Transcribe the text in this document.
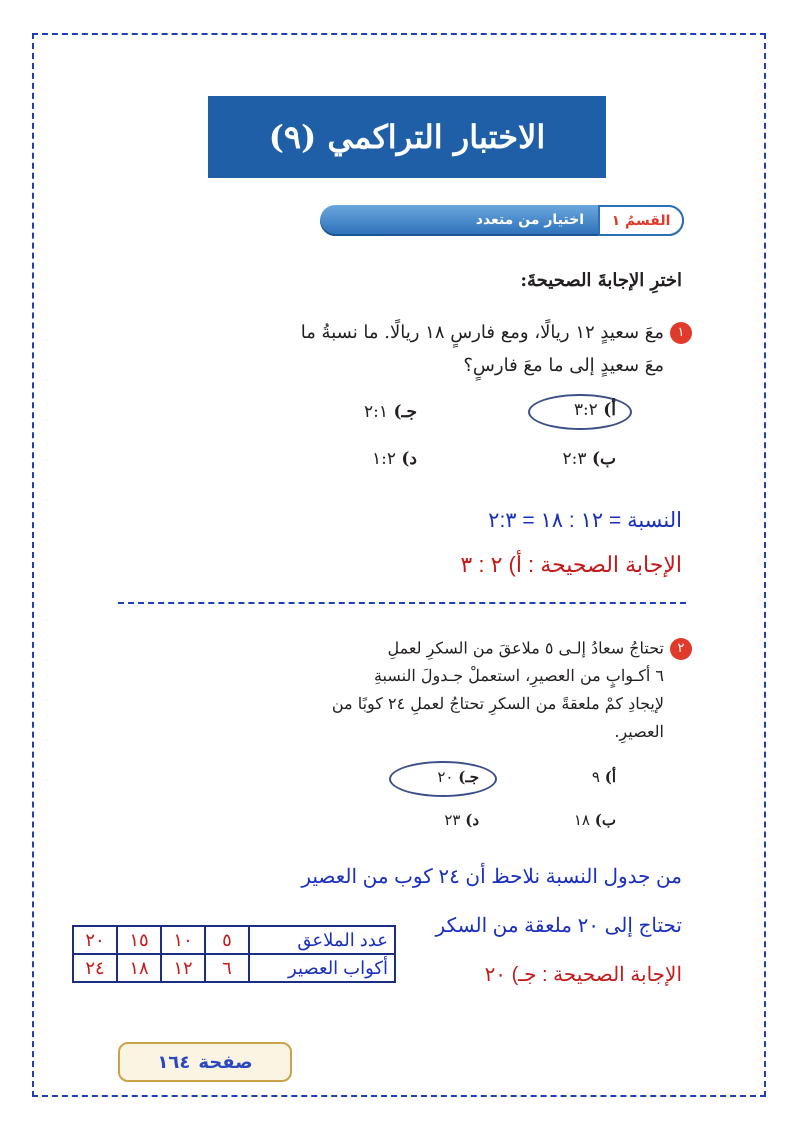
الاختبار التراكمي (٩)
القسمُ ١
اختيار من متعدد
اخترِ الإجابةَ الصحيحةَ:
١معَ سعيدٍ ١٢ ريالًا، ومع فارسٍ ١٨ ريالًا. ما نسبةُ ما
معَ سعيدٍ إلى ما معَ فارسٍ؟
أ) ٣:٢
جـ) ٢:١
ب) ٢:٣
د) ١:٢
النسبة = ١٢ : ١٨ = ٢:٣
الإجابة الصحيحة : أ) ٢ : ٣
٢تحتاجُ سعادُ إلـى ٥ ملاعقَ من السكرِ لعملِ
٦ أكـوابٍ من العصيرِ، استعملْ جـدولَ النسبةِ
لإيجادِ كمْ ملعقةً من السكرِ تحتاجُ لعملِ ٢٤ كوبًا من
العصيرِ.
أ) ٩
جـ) ٢٠
ب) ١٨
د) ٢٣
من جدول النسبة نلاحظ أن ٢٤ كوب من العصير
تحتاج إلى ٢٠ ملعقة من السكر
الإجابة الصحيحة : جـ) ٢٠
عدد الملاعق	٥	١٠	١٥	٢٠
أكواب العصير	٦	١٢	١٨	٢٤
صفحة
١٦٤
